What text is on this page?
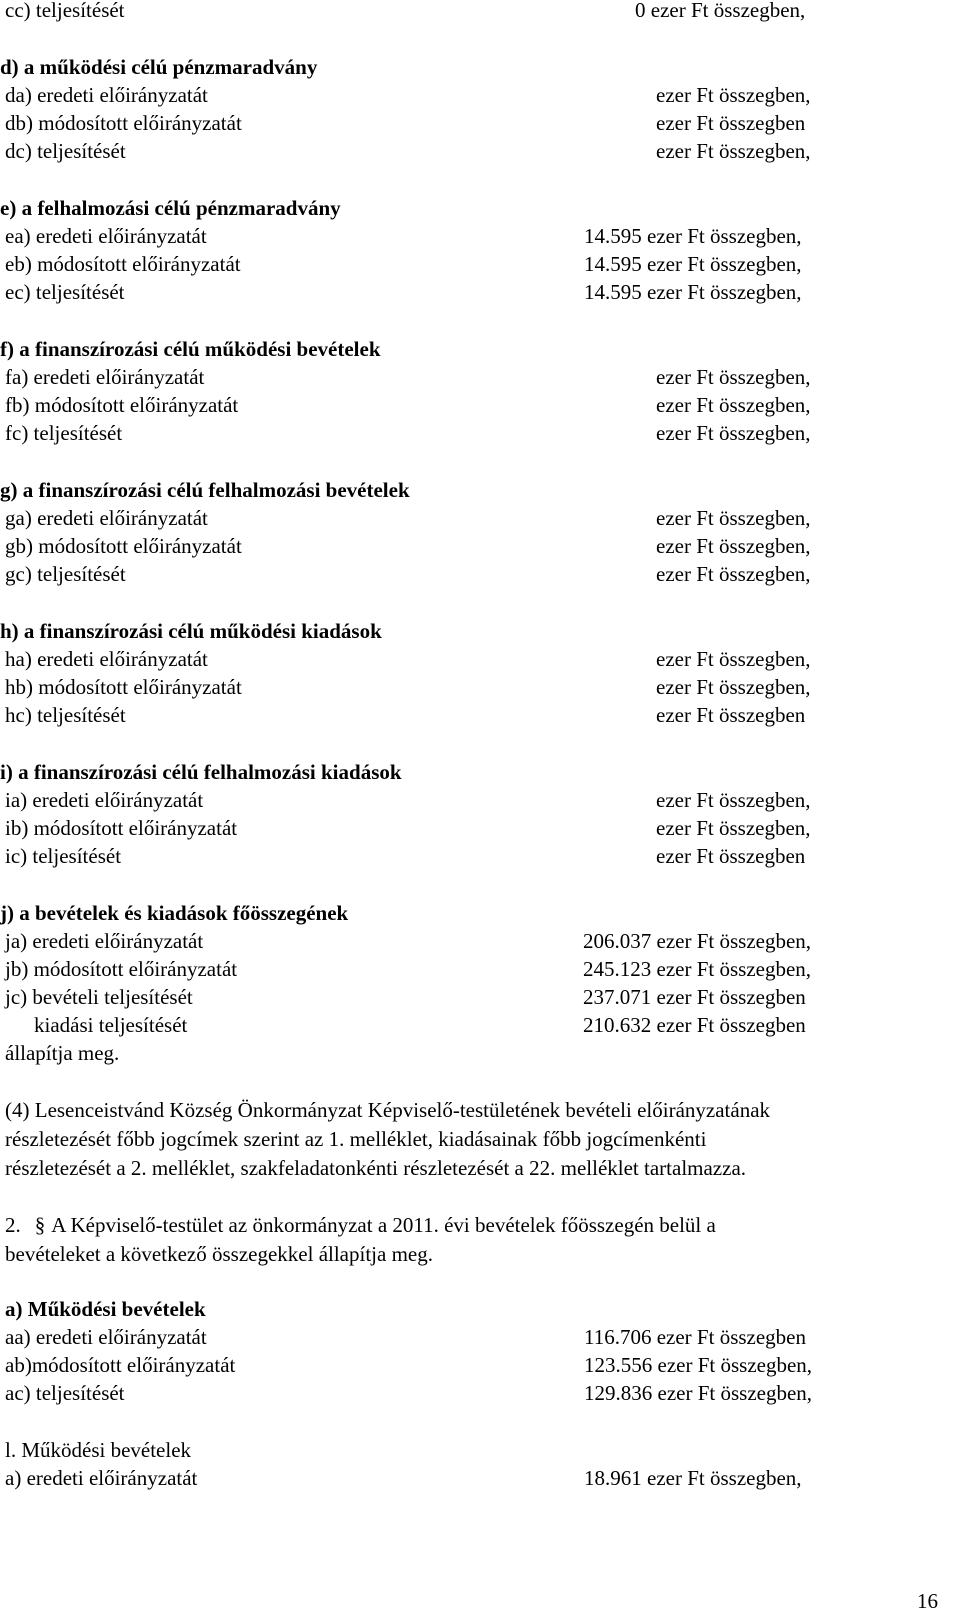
cc) teljesítését	0 ezer Ft összegben,
d) a működési célú pénzmaradvány
da) eredeti előirányzatát	ezer Ft összegben,
db) módosított előirányzatát	ezer Ft összegben
dc) teljesítését	ezer Ft összegben,
e) a felhalmozási célú pénzmaradvány
ea) eredeti előirányzatát	14.595 ezer Ft összegben,
eb) módosított előirányzatát	14.595 ezer Ft összegben,
ec) teljesítését	14.595 ezer Ft összegben,
f) a finanszírozási célú működési bevételek
fa) eredeti előirányzatát	ezer Ft összegben,
fb) módosított előirányzatát	ezer Ft összegben,
fc) teljesítését	ezer Ft összegben,
g) a finanszírozási célú felhalmozási bevételek
ga) eredeti előirányzatát	ezer Ft összegben,
gb) módosított előirányzatát	ezer Ft összegben,
gc) teljesítését	ezer Ft összegben,
h) a finanszírozási célú működési kiadások
ha) eredeti előirányzatát	ezer Ft összegben,
hb) módosított előirányzatát	ezer Ft összegben,
hc) teljesítését	ezer Ft összegben
i) a finanszírozási célú felhalmozási kiadások
ia) eredeti előirányzatát	ezer Ft összegben,
ib) módosított előirányzatát	ezer Ft összegben,
ic) teljesítését	ezer Ft összegben
j) a bevételek és kiadások főösszegének
ja) eredeti előirányzatát	206.037 ezer Ft összegben,
jb) módosított előirányzatát	245.123 ezer Ft összegben,
jc) bevételi teljesítését	237.071 ezer Ft összegben
kiadási teljesítését	210.632 ezer Ft összegben
állapítja meg.
(4) Lesenceistvánd Község Önkormányzat Képviselő-testületének bevételi előirányzatának
részletezését főbb jogcímek szerint az 1. melléklet, kiadásainak főbb jogcímenkénti
részletezését a 2. melléklet, szakfeladatonkénti részletezését a 22. melléklet tartalmazza.
2. § A Képviselő-testület az önkormányzat a 2011. évi bevételek főösszegén belül a
bevételeket a következő összegekkel állapítja meg.
a) Működési bevételek
aa) eredeti előirányzatát	116.706 ezer Ft összegben
ab)módosított előirányzatát	123.556 ezer Ft összegben,
ac) teljesítését	129.836 ezer Ft összegben,
l. Működési bevételek
a) eredeti előirányzatát	18.961 ezer Ft összegben,
16
